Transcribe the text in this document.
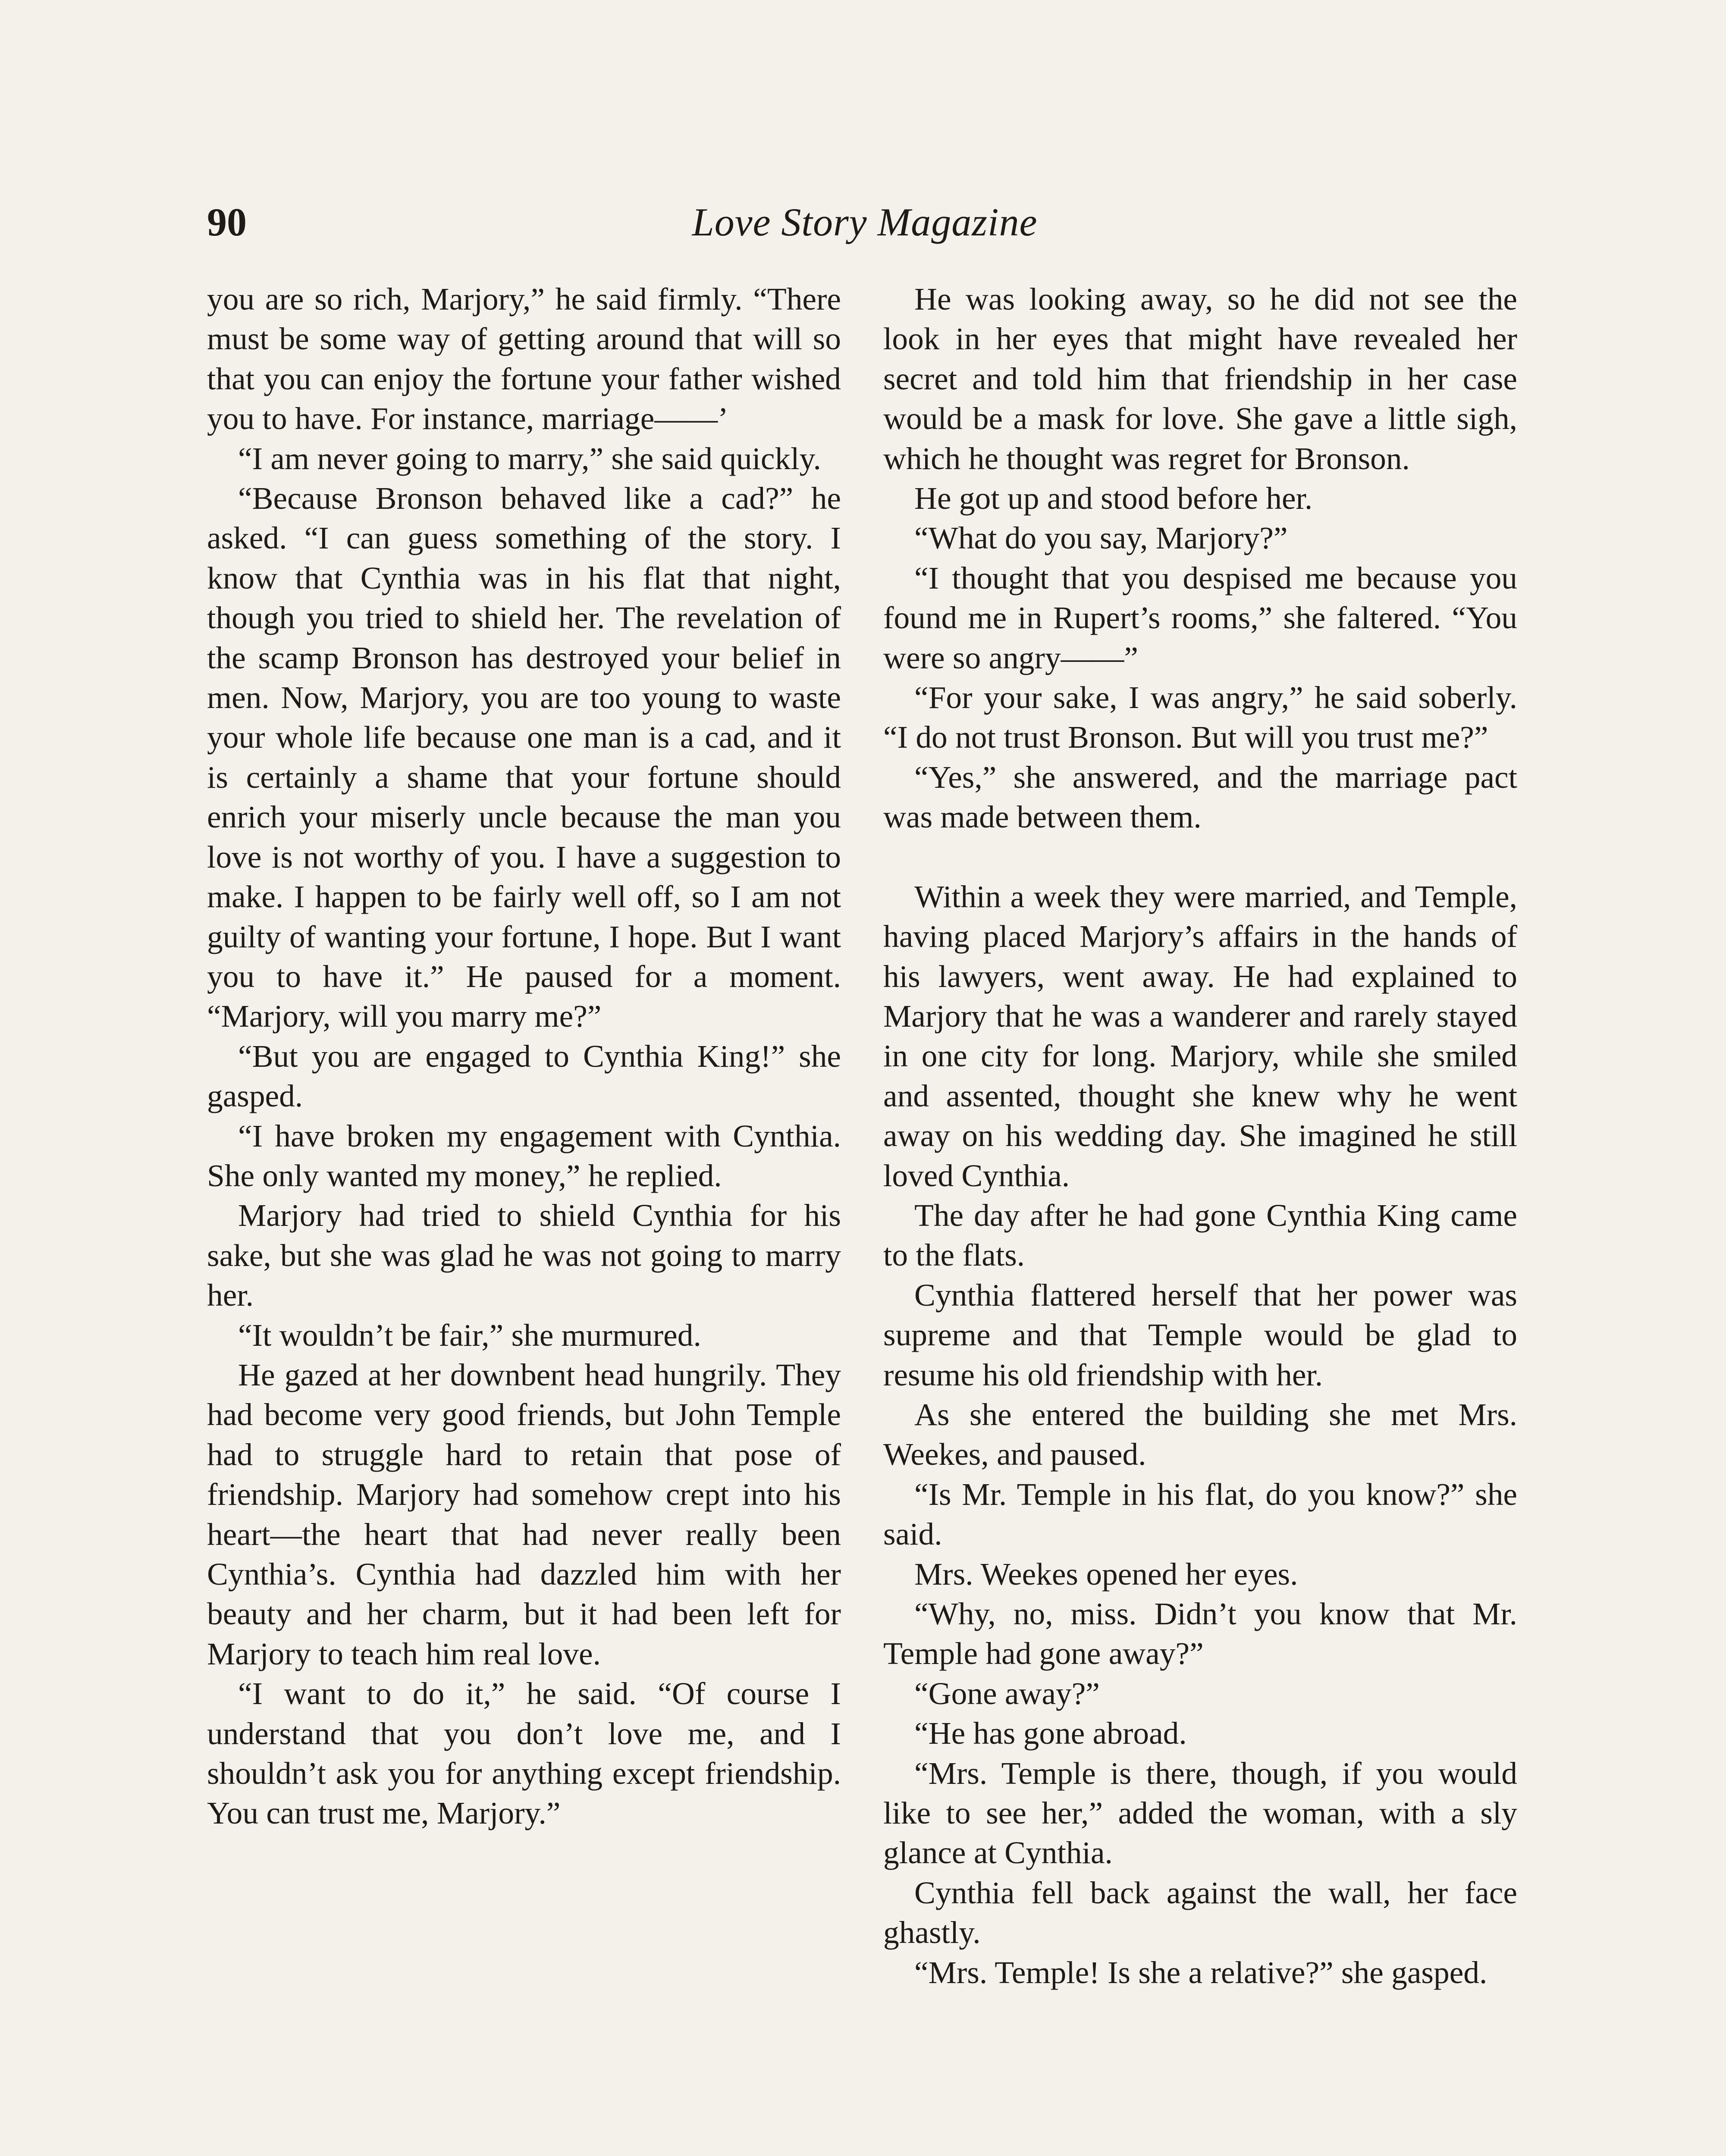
90	Love Story Magazine

you are so rich, Marjory,” he said firmly. “There must be some way of getting around that will so that you can enjoy the fortune your father wished you to have. For instance, marriage——’

“I am never going to marry,” she said quickly.

“Because Bronson behaved like a cad?” he asked. “I can guess something of the story. I know that Cynthia was in his flat that night, though you tried to shield her. The revelation of the scamp Bronson has destroyed your belief in men. Now, Marjory, you are too young to waste your whole life because one man is a cad, and it is certainly a shame that your fortune should enrich your miserly uncle because the man you love is not worthy of you. I have a suggestion to make. I happen to be fairly well off, so I am not guilty of wanting your fortune, I hope. But I want you to have it.” He paused for a moment. “Marjory, will you marry me?”

“But you are engaged to Cynthia King!” she gasped.

“I have broken my engagement with Cynthia. She only wanted my money,” he replied.

Marjory had tried to shield Cynthia for his sake, but she was glad he was not going to marry her.

“It wouldn’t be fair,” she murmured.

He gazed at her downbent head hungrily. They had become very good friends, but John Temple had to struggle hard to retain that pose of friendship. Marjory had somehow crept into his heart—the heart that had never really been Cynthia’s. Cynthia had dazzled him with her beauty and her charm, but it had been left for Marjory to teach him real love.

“I want to do it,” he said. “Of course I understand that you don’t love me, and I shouldn’t ask you for anything except friendship. You can trust me, Marjory.”

He was looking away, so he did not see the look in her eyes that might have revealed her secret and told him that friendship in her case would be a mask for love. She gave a little sigh, which he thought was regret for Bronson.

He got up and stood before her.

“What do you say, Marjory?”

“I thought that you despised me because you found me in Rupert’s rooms,” she faltered. “You were so angry——”

“For your sake, I was angry,” he said soberly. “I do not trust Bronson. But will you trust me?”

“Yes,” she answered, and the marriage pact was made between them.

Within a week they were married, and Temple, having placed Marjory’s affairs in the hands of his lawyers, went away. He had explained to Marjory that he was a wanderer and rarely stayed in one city for long. Marjory, while she smiled and assented, thought she knew why he went away on his wedding day. She imagined he still loved Cynthia.

The day after he had gone Cynthia King came to the flats.

Cynthia flattered herself that her power was supreme and that Temple would be glad to resume his old friendship with her.

As she entered the building she met Mrs. Weekes, and paused.

“Is Mr. Temple in his flat, do you know?” she said.

Mrs. Weekes opened her eyes.

“Why, no, miss. Didn’t you know that Mr. Temple had gone away?”

“Gone away?”

“He has gone abroad.

“Mrs. Temple is there, though, if you would like to see her,” added the woman, with a sly glance at Cynthia.

Cynthia fell back against the wall, her face ghastly.

“Mrs. Temple! Is she a relative?” she gasped.
